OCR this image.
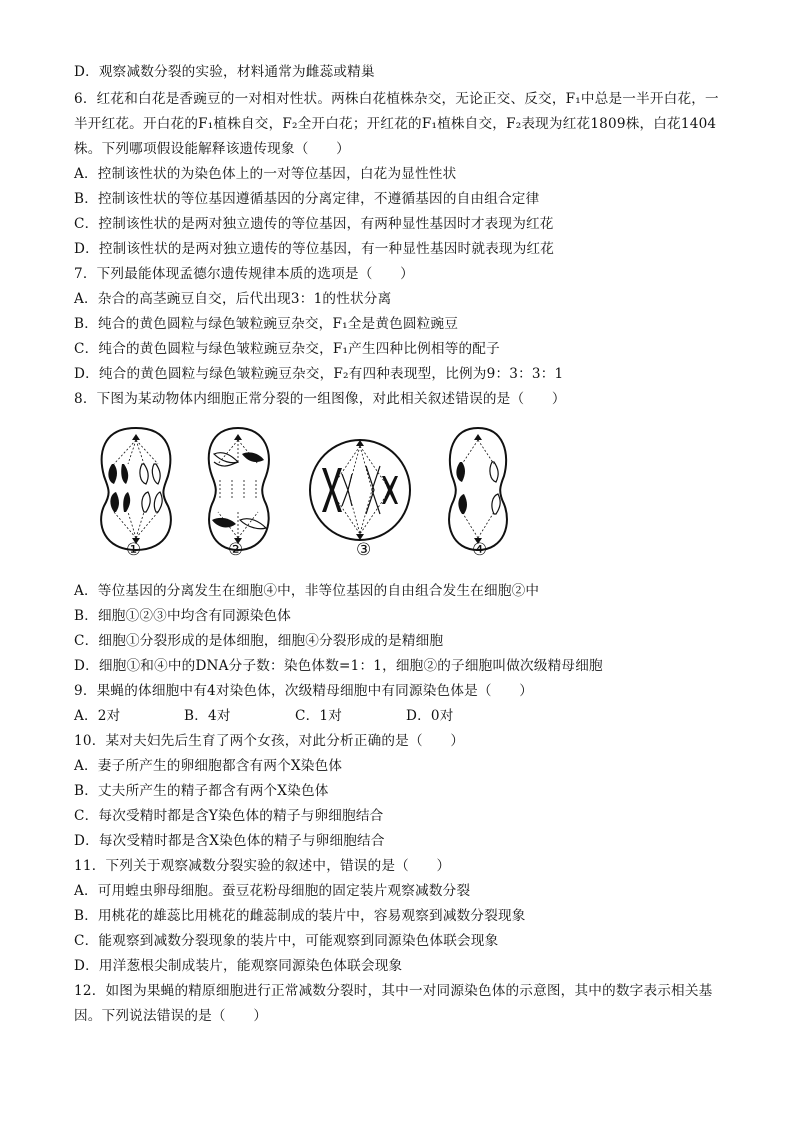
D．观察减数分裂的实验，材料通常为雌蕊或精巢
6．红花和白花是香豌豆的一对相对性状。两株白花植株杂交，无论正交、反交，F₁中总是一半开白花，一
半开红花。开白花的F₁植株自交，F₂全开白花；开红花的F₁植株自交，F₂表现为红花1809株，白花1404
株。下列哪项假设能解释该遗传现象（　　）
A．控制该性状的为染色体上的一对等位基因，白花为显性性状
B．控制该性状的等位基因遵循基因的分离定律，不遵循基因的自由组合定律
C．控制该性状的是两对独立遗传的等位基因，有两种显性基因时才表现为红花
D．控制该性状的是两对独立遗传的等位基因，有一种显性基因时就表现为红花
7．下列最能体现孟德尔遗传规律本质的选项是（　　）
A．杂合的高茎豌豆自交，后代出现3：1的性状分离
B．纯合的黄色圆粒与绿色皱粒豌豆杂交，F₁全是黄色圆粒豌豆
C．纯合的黄色圆粒与绿色皱粒豌豆杂交，F₁产生四种比例相等的配子
D．纯合的黄色圆粒与绿色皱粒豌豆杂交，F₂有四种表现型，比例为9：3：3：1
8．下图为某动物体内细胞正常分裂的一组图像，对此相关叙述错误的是（　　）
①	②	③	④
A．等位基因的分离发生在细胞④中，非等位基因的自由组合发生在细胞②中
B．细胞①②③中均含有同源染色体
C．细胞①分裂形成的是体细胞，细胞④分裂形成的是精细胞
D．细胞①和④中的DNA分子数：染色体数=1：1，细胞②的子细胞叫做次级精母细胞
9．果蝇的体细胞中有4对染色体，次级精母细胞中有同源染色体是（　　）
A．2对	B．4对	C．1对	D．0对
10．某对夫妇先后生育了两个女孩，对此分析正确的是（　　）
A．妻子所产生的卵细胞都含有两个X染色体
B．丈夫所产生的精子都含有两个X染色体
C．每次受精时都是含Y染色体的精子与卵细胞结合
D．每次受精时都是含X染色体的精子与卵细胞结合
11．下列关于观察减数分裂实验的叙述中，错误的是（　　）
A．可用蝗虫卵母细胞。蚕豆花粉母细胞的固定装片观察减数分裂
B．用桃花的雄蕊比用桃花的雌蕊制成的装片中，容易观察到减数分裂现象
C．能观察到减数分裂现象的装片中，可能观察到同源染色体联会现象
D．用洋葱根尖制成装片，能观察同源染色体联会现象
12．如图为果蝇的精原细胞进行正常减数分裂时，其中一对同源染色体的示意图，其中的数字表示相关基
因。下列说法错误的是（　　）
